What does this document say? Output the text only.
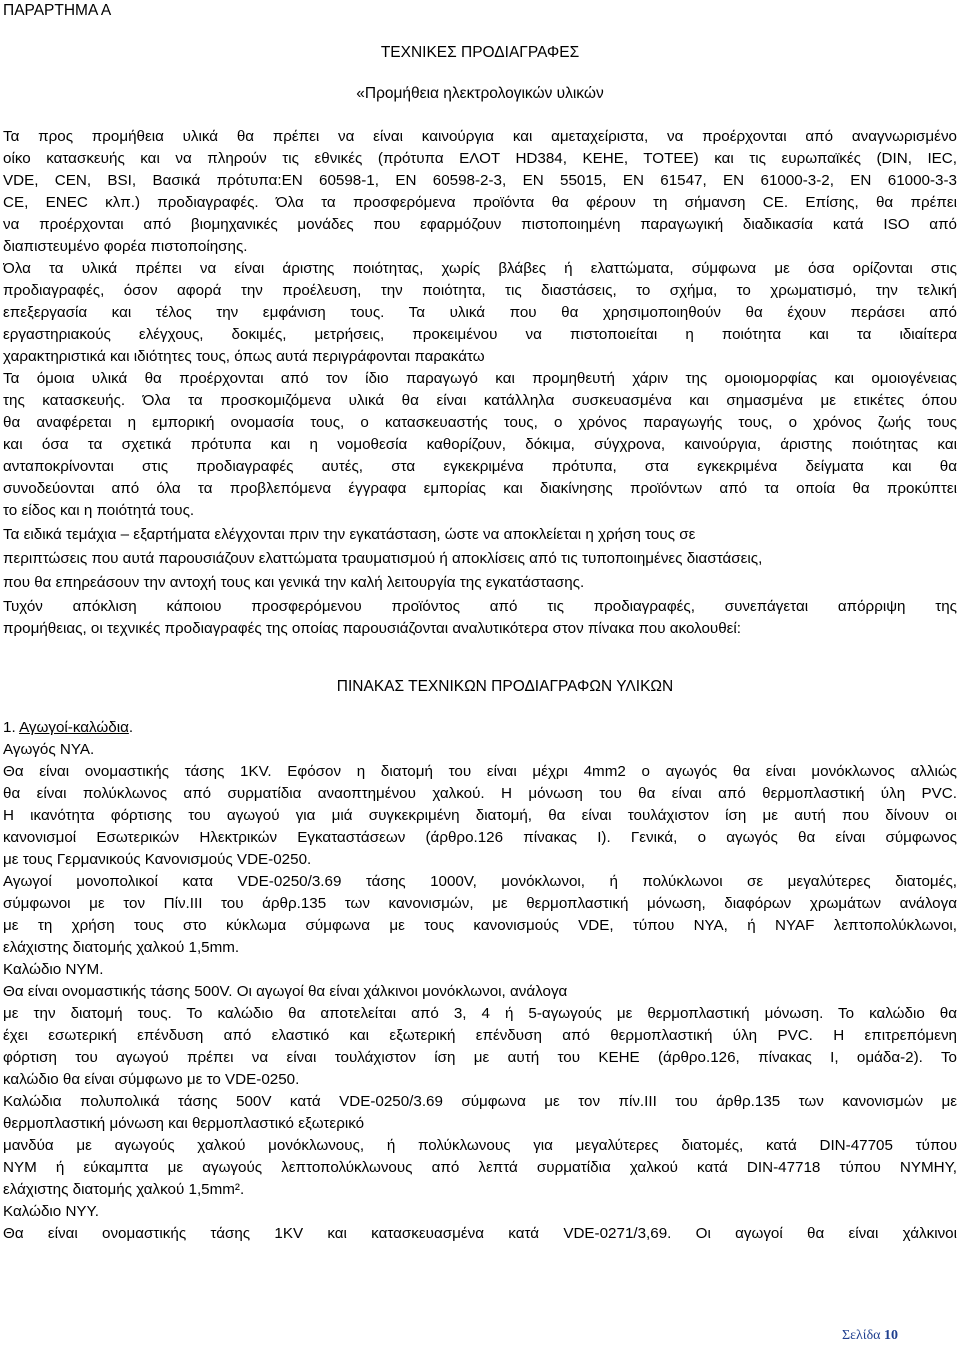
ΠΑΡΑΡΤΗΜΑ Α
ΤΕΧΝΙΚΕΣ ΠΡΟΔΙΑΓΡΑΦΕΣ
«Προμήθεια ηλεκτρολογικών υλικών
Τα προς προμήθεια υλικά θα πρέπει να είναι καινούργια και αμεταχείριστα, να προέρχονται από αναγνωρισμένο
οίκο κατασκευής και να πληρούν τις εθνικές (πρότυπα ΕΛΟΤ HD384, ΚΕΗΕ, ΤΟΤΕΕ) και τις ευρωπαϊκές (DIN, IEC,
VDE, CEN, BSI, Βασικά πρότυπα:EN 60598-1, EN 60598-2-3, EN 55015, EN 61547, EN 61000-3-2, EN 61000-3-3
CE, ENEC κλπ.) προδιαγραφές. Όλα τα προσφερόμενα προϊόντα θα φέρουν τη σήμανση CE. Επίσης, θα πρέπει
να προέρχονται από βιομηχανικές μονάδες που εφαρμόζουν πιστοποιημένη παραγωγική διαδικασία κατά ISO από
διαπιστευμένο φορέα πιστοποίησης.
Όλα τα υλικά πρέπει να είναι άριστης ποιότητας, χωρίς βλάβες ή ελαττώματα, σύμφωνα με όσα ορίζονται στις
προδιαγραφές, όσον αφορά την προέλευση, την ποιότητα, τις διαστάσεις, το σχήμα, το χρωματισμό, την τελική
επεξεργασία και τέλος την εμφάνιση τους. Τα υλικά που θα χρησιμοποιηθούν θα έχουν περάσει από
εργαστηριακούς ελέγχους, δοκιμές, μετρήσεις, προκειμένου να πιστοποιείται η ποιότητα και τα ιδιαίτερα
χαρακτηριστικά και ιδιότητες τους, όπως αυτά περιγράφονται παρακάτω
Τα όμοια υλικά θα προέρχονται από τον ίδιο παραγωγό και προμηθευτή χάριν της ομοιομορφίας και ομοιογένειας
της κατασκευής. Όλα τα προσκομιζόμενα υλικά θα είναι κατάλληλα συσκευασμένα και σημασμένα με ετικέτες όπου
θα αναφέρεται η εμπορική ονομασία τους, ο κατασκευαστής τους, ο χρόνος παραγωγής τους, ο χρόνος ζωής τους
και όσα τα σχετικά πρότυπα και η νομοθεσία καθορίζουν, δόκιμα, σύγχρονα, καινούργια, άριστης ποιότητας και
ανταποκρίνονται στις προδιαγραφές αυτές, στα εγκεκριμένα πρότυπα, στα εγκεκριμένα δείγματα και θα
συνοδεύονται από όλα τα προβλεπόμενα έγγραφα εμπορίας και διακίνησης προϊόντων από τα οποία θα προκύπτει
το είδος και η ποιότητά τους.
Τα ειδικά τεμάχια – εξαρτήματα ελέγχονται πριν την εγκατάσταση, ώστε να αποκλείεται η χρήση τους σε
περιπτώσεις που αυτά παρουσιάζουν ελαττώματα τραυματισμού ή αποκλίσεις από τις τυποποιημένες διαστάσεις,
που θα επηρεάσουν την αντοχή τους και γενικά την καλή λειτουργία της εγκατάστασης.
Τυχόν απόκλιση κάποιου προσφερόμενου προϊόντος από τις προδιαγραφές, συνεπάγεται απόρριψη της
προμήθειας, οι τεχνικές προδιαγραφές της οποίας παρουσιάζονται αναλυτικότερα στον πίνακα που ακολουθεί:
ΠΙΝΑΚΑΣ ΤΕΧΝΙΚΩΝ ΠΡΟΔΙΑΓΡΑΦΩΝ ΥΛΙΚΩΝ
1. Αγωγοί-καλώδια.
Αγωγός NYA.
Θα είναι ονομαστικής τάσης 1KV. Εφόσον η διατομή του είναι μέχρι 4mm2 ο αγωγός θα είναι μονόκλωνος αλλιώς
θα είναι πολύκλωνος από συρματίδια αναοπτημένου χαλκού. Η μόνωση του θα είναι από θερμοπλαστική ύλη PVC.
Η ικανότητα φόρτισης του αγωγού για μιά συγκεκριμένη διατομή, θα είναι τουλάχιστον ίση με αυτή που δίνουν οι
κανονισμοί Εσωτερικών Ηλεκτρικών Εγκαταστάσεων (άρθρο.126 πίνακας Ι). Γενικά, ο αγωγός θα είναι σύμφωνος
με τους Γερμανικούς Κανονισμούς VDE-0250.
Αγωγοί μονοπολικοί κατα VDE-0250/3.69 τάσης 1000V, μονόκλωνοι, ή πολύκλωνοι σε μεγαλύτερες διατομές,
σύμφωνοι με τον Πίν.ΙΙΙ του άρθρ.135 των κανονισμών, με θερμοπλαστική μόνωση, διαφόρων χρωμάτων ανάλογα
με τη χρήση τους στο κύκλωμα σύμφωνα με τους κανονισμούς VDE, τύπου NYA, ή NYAF λεπτοπολύκλωνοι,
ελάχιστης διατομής χαλκού 1,5mm.
Καλώδιο NYM.
Θα είναι ονομαστικής τάσης 500V. Οι αγωγοί θα είναι χάλκινοι μονόκλωνοι, ανάλογα
με την διατομή τους. Το καλώδιο θα αποτελείται από 3, 4 ή 5-αγωγούς με θερμοπλαστική μόνωση. Το καλώδιο θα
έχει εσωτερική επένδυση από ελαστικό και εξωτερική επένδυση από θερμοπλαστική ύλη PVC. Η επιτρεπόμενη
φόρτιση του αγωγού πρέπει να είναι τουλάχιστον ίση με αυτή του ΚΕΗΕ (άρθρο.126, πίνακας Ι, ομάδα-2). Το
καλώδιο θα είναι σύμφωνο με το VDE-0250.
Καλώδια πολυπολικά τάσης 500V κατά VDE-0250/3.69 σύμφωνα με τον πίν.ΙΙΙ του άρθρ.135 των κανονισμών με
θερμοπλαστική μόνωση και θερμοπλαστικό εξωτερικό
μανδύα με αγωγούς χαλκού μονόκλωνους, ή πολύκλωνους για μεγαλύτερες διατομές, κατά DIN-47705 τύπου
NYM ή εύκαμπτα με αγωγούς λεπτοπολύκλωνους από λεπτά συρματίδια χαλκού κατά DIN-47718 τύπου NYMHY,
ελάχιστης διατομής χαλκού 1,5mm².
Καλώδιο NYY.
Θα είναι ονομαστικής τάσης 1KV και κατασκευασμένα κατά VDE-0271/3,69. Οι αγωγοί θα είναι χάλκινοι
Σελίδα 10
